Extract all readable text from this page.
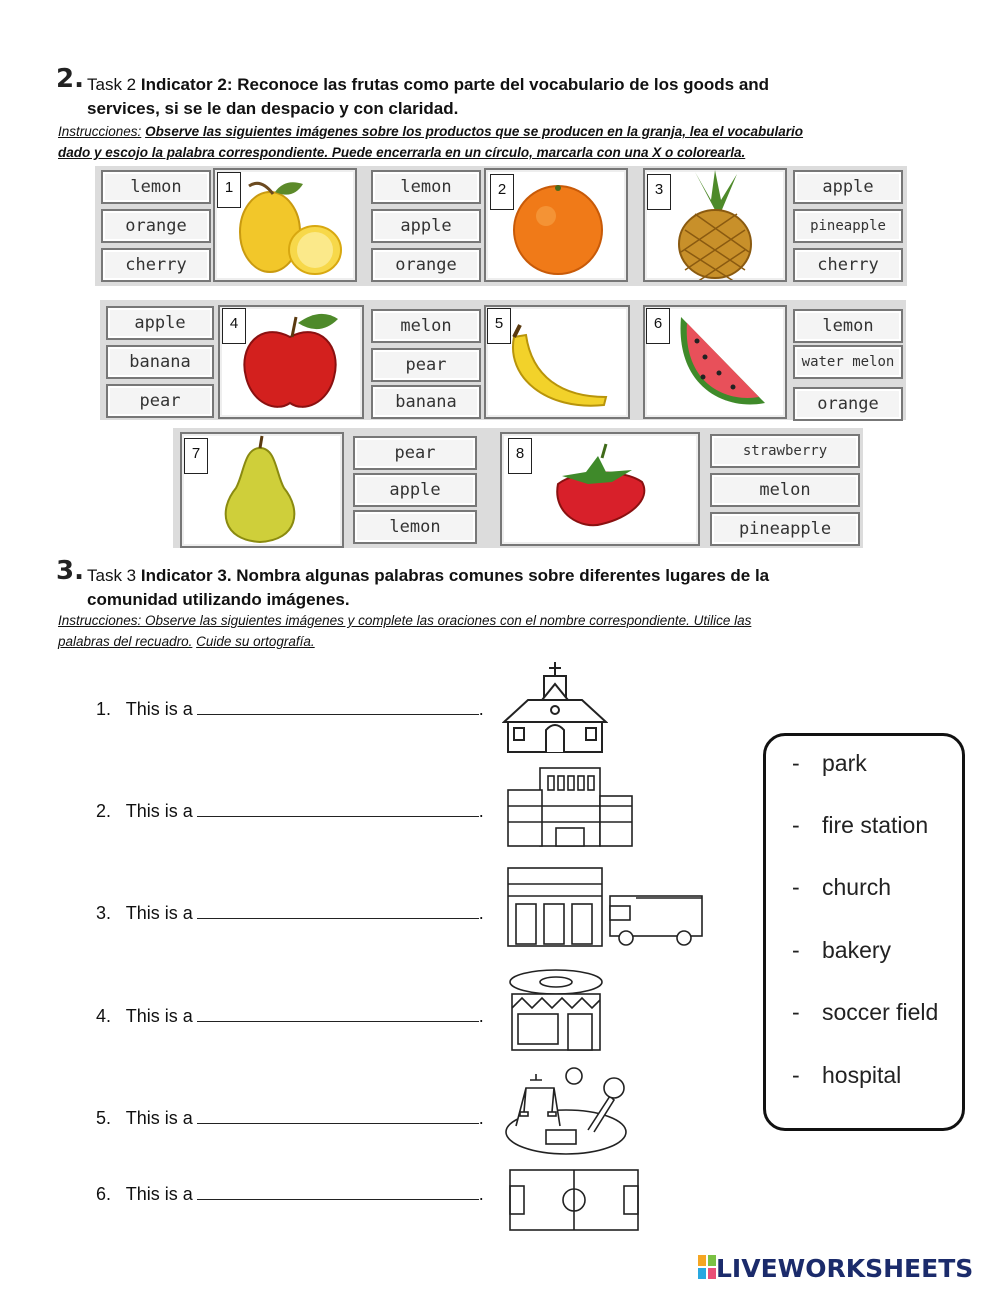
2. Task 2 Indicator 2: Reconoce las frutas como parte del vocabulario de los goods and
services, si se le dan despacio y con claridad.
Instrucciones: Observe las siguientes imágenes sobre los productos que se producen en la granja, lea el vocabulario
dado y escojo la palabra correspondiente. Puede encerrarla en un círculo, marcarla con una X o colorearla.
lemon
orange
cherry
1	lemon
apple
orange
2	3	apple
pineapple
cherry
apple
banana
pear
4	melon
pear
banana
5	6	lemon
water melon
orange
7	pear
apple
lemon
8	strawberry
melon
pineapple
3. Task 3 Indicator 3. Nombra algunas palabras comunes sobre diferentes lugares de la
comunidad utilizando imágenes.
Instrucciones: Observe las siguientes imágenes y complete las oraciones con el nombre correspondiente. Utilice las
palabras del recuadro. Cuide su ortografía.
1. This is a	.
2. This is a	.
3. This is a	.
4. This is a	.
5. This is a	.
6. This is a	.
- park
- fire station
- church
- bakery
- soccer field
- hospital
LIVEWORKSHEETS
